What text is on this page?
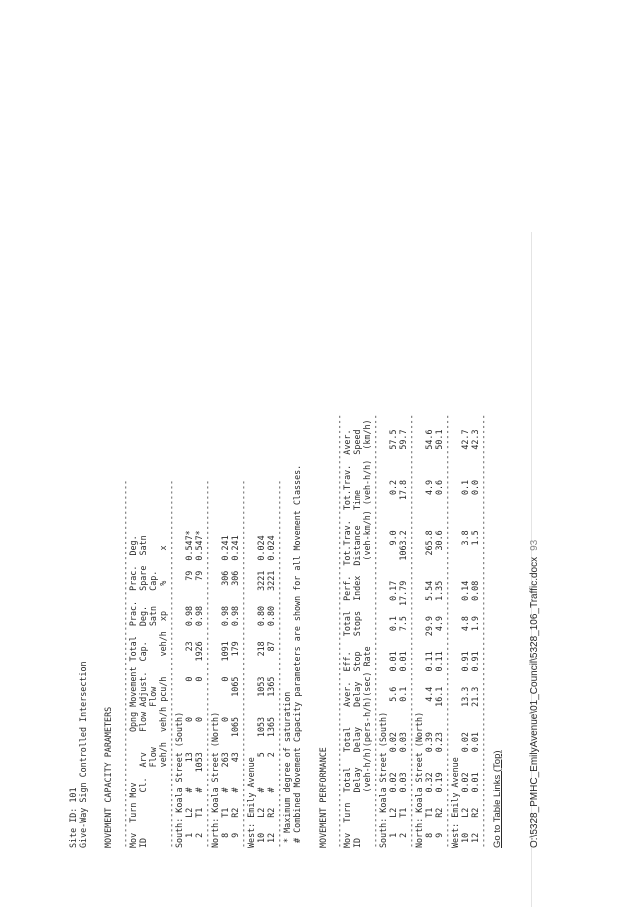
Site ID: 101 Give-Way Sign Controlled Intersection MOVEMENT CAPACITY PARAMETERS -------------------------------------------------------------------------
Mov  Turn Mov          Opng Movement Total  Prac.  Prac.  Deg. ID         Cl.  Arv    Flow Adjust.  Cap.   Deg.   Spare  Satn Flow        Flow            Satn   Cap. veh/h  veh/h pcu/h    veh/h  xp     %      x
-------------------------------------------------------------------------
South: Koala Street (South) 1   L2   #     13      0       0     23   0.98     79  0.547* 2   T1   #   1053      0       0   1926   0.98     79  0.547*
-------------------------------------------------------------------------
North: Koala Street (North) 8   T1   #    263      0       0   1091   0.98    306  0.241 9   R2   #     43   1065    1065    179   0.98    306  0.241
-------------------------------------------------------------------------
West: Emily Avenue 10   L2   #      5   1053    1053    218   0.80   3221  0.024 12   R2   #      2   1365    1365     87   0.80   3221  0.024
-------------------------------------------------------------------------
* Maximum degree of saturation # Combined Movement Capacity parameters are shown for all Movement Classes. MOVEMENT PERFORMANCE --------------------------------------------------------------------------------------
Mov  Turn  Total   Total    Aver.  Eff.   Total  Perf.  Tot.Trav.  Tot.Trav.  Aver. ID         Delay   Delay    Delay  Stop   Stops  Index  Distance   Time       Speed (veh-h/h)(pers-h/h)(sec) Rate                 (veh-km/h) (veh-h/h)  (km/h)
--------------------------------------------------------------------------------------
South: Koala Street (South) 1   L2   0.02    0.02      5.6   0.01    0.1   0.17       9.0       0.2      57.5 2   T1   0.03    0.03      0.1   0.01    7.5  17.79    1063.2      17.8      59.7
--------------------------------------------------------------------------------------
North: Koala Street (North) 8   T1   0.32    0.39      4.4   0.11   29.9   5.54     265.8       4.9      54.6 9   R2   0.19    0.23     16.1   0.11    4.9   1.35      30.6       0.6      50.1
--------------------------------------------------------------------------------------
West: Emily Avenue 10   L2   0.02    0.02     13.3   0.91    4.8   0.14       3.8       0.1      42.7 12   R2   0.01    0.01     21.3   0.91    1.9   0.08       1.5       0.0      42.3
-------------------------------------------------------------------------------------- Go to Table Links (Top)	O:\5328_PMHC_EmilyAvenue\01_Council\5328_106_Traffic.docx93
